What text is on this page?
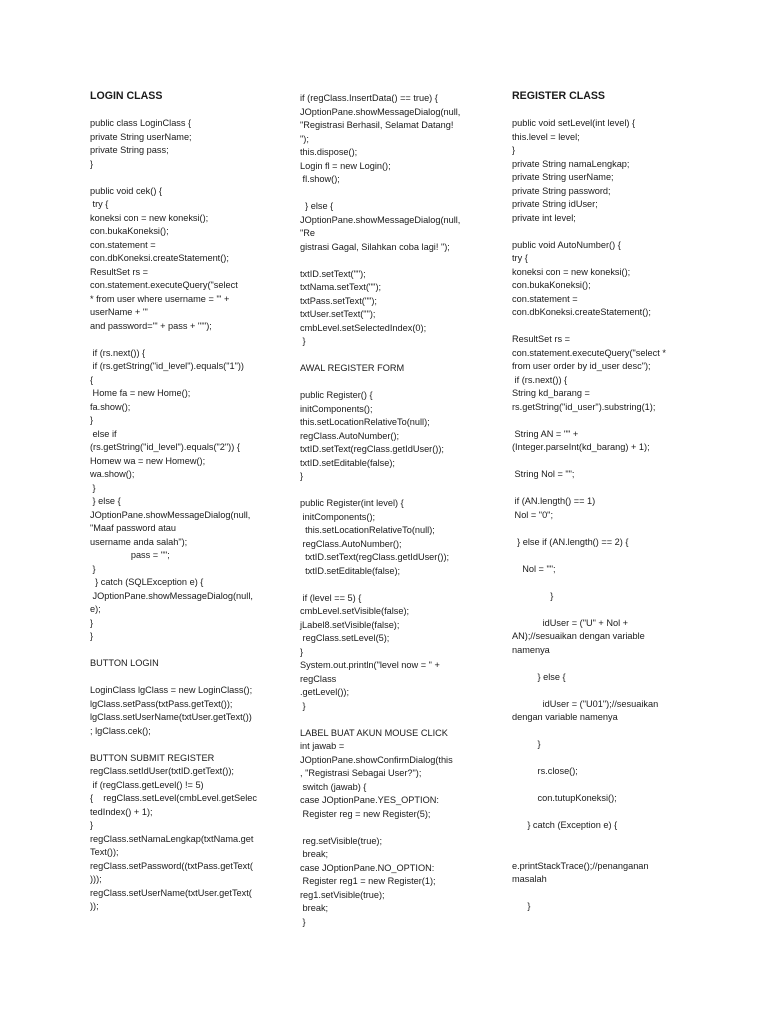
LOGIN CLASS
public class LoginClass {
private String userName;
private String pass;
}
public void cek() {
try {
koneksi con = new koneksi();
con.bukaKoneksi();
con.statement =
con.dbKoneksi.createStatement();
ResultSet rs =
con.statement.executeQuery("select
* from user where username = '" +
userName + "'
and password='" + pass + "'");
if (rs.next()) {
if (rs.getString("id_level").equals("1"))
{
Home fa = new Home();
fa.show();
}
else if
(rs.getString("id_level").equals("2")) {
Homew wa = new Homew();
wa.show();
}
} else {
JOptionPane.showMessageDialog(null,
"Maaf password atau
username anda salah");
pass = "";
}
} catch (SQLException e) {
JOptionPane.showMessageDialog(null,
e);
}
}
BUTTON LOGIN
LoginClass lgClass = new LoginClass();
lgClass.setPass(txtPass.getText());
lgClass.setUserName(txtUser.getText())
; lgClass.cek();
BUTTON SUBMIT REGISTER
regClass.setIdUser(txtID.getText());
if (regClass.getLevel() != 5)
{    regClass.setLevel(cmbLevel.getSelec
tedIndex() + 1);
}
regClass.setNamaLengkap(txtNama.get
Text());
regClass.setPassword((txtPass.getText(
)));
regClass.setUserName(txtUser.getText(
));
if (regClass.InsertData() == true) {
JOptionPane.showMessageDialog(null,
"Registrasi Berhasil, Selamat Datang!
");
this.dispose();
Login fl = new Login();
fl.show();
} else {
JOptionPane.showMessageDialog(null,
"Re
gistrasi Gagal, Silahkan coba lagi! ");
txtID.setText("");
txtNama.setText("");
txtPass.setText("");
txtUser.setText("");
cmbLevel.setSelectedIndex(0);
}
AWAL REGISTER FORM
public Register() {
initComponents();
this.setLocationRelativeTo(null);
regClass.AutoNumber();
txtID.setText(regClass.getIdUser());
txtID.setEditable(false);
}
public Register(int level) {
initComponents();
this.setLocationRelativeTo(null);
regClass.AutoNumber();
txtID.setText(regClass.getIdUser());
txtID.setEditable(false);
if (level == 5) {
cmbLevel.setVisible(false);
jLabel8.setVisible(false);
regClass.setLevel(5);
}
System.out.println("level now = " +
regClass
.getLevel());
}
LABEL BUAT AKUN MOUSE CLICK
int jawab =
JOptionPane.showConfirmDialog(this
, "Registrasi Sebagai User?");
switch (jawab) {
case JOptionPane.YES_OPTION:
Register reg = new Register(5);
reg.setVisible(true);
break;
case JOptionPane.NO_OPTION:
Register reg1 = new Register(1);
reg1.setVisible(true);
break;
}
REGISTER CLASS
public void setLevel(int level) {
this.level = level;
}
private String namaLengkap;
private String userName;
private String password;
private String idUser;
private int level;
public void AutoNumber() {
try {
koneksi con = new koneksi();
con.bukaKoneksi();
con.statement =
con.dbKoneksi.createStatement();
ResultSet rs =
con.statement.executeQuery("select *
from user order by id_user desc");
if (rs.next()) {
String kd_barang =
rs.getString("id_user").substring(1);
String AN = "" +
(Integer.parseInt(kd_barang) + 1);
String Nol = "";
if (AN.length() == 1)
Nol = "0";
} else if (AN.length() == 2) {
Nol = "";
}
idUser = ("U" + Nol +
AN);//sesuaikan dengan variable
namenya
} else {
idUser = ("U01");//sesuaikan
dengan variable namenya
}
rs.close();
con.tutupKoneksi();
} catch (Exception e) {
e.printStackTrace();//penanganan
masalah
}
